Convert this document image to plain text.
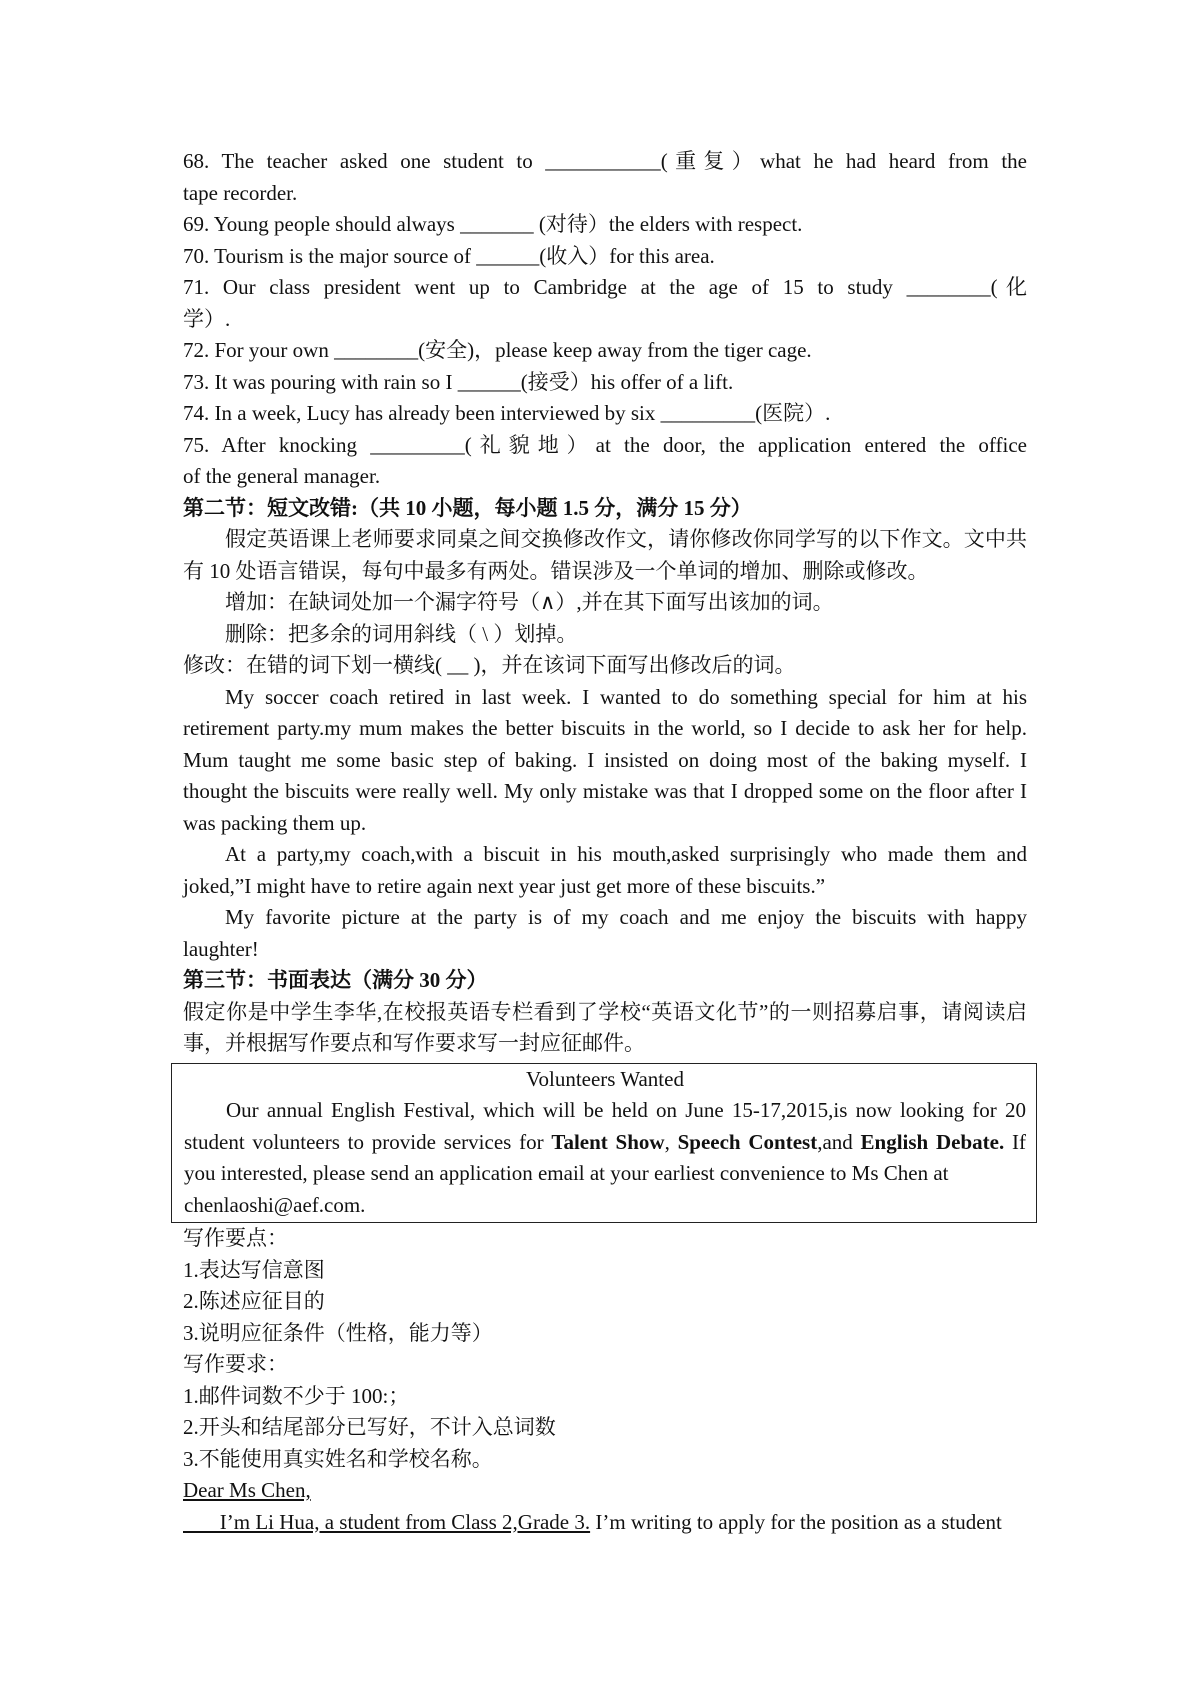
68. The teacher asked one student to ___________(重复）what he had heard from the
tape recorder.
69. Young people should always _______ (对待）the elders with respect.
70. Tourism is the major source of ______(收入）for this area.
71. Our class president went up to Cambridge at the age of 15 to study ________(化
学）.
72. For your own ________(安全)，please keep away from the tiger cage.
73. It was pouring with rain so I ______(接受）his offer of a lift.
74. In a week, Lucy has already been interviewed by six _________(医院）.
75. After knocking _________(礼貌地）at the door, the application entered the office
of the general manager.
第二节：短文改错:（共 10 小题，每小题 1.5 分，满分 15 分）
假定英语课上老师要求同桌之间交换修改作文，请你修改你同学写的以下作文。文中共
有 10 处语言错误，每句中最多有两处。错误涉及一个单词的增加、删除或修改。
增加：在缺词处加一个漏字符号（∧）,并在其下面写出该加的词。
删除：把多余的词用斜线（ \ ）划掉。
修改：在错的词下划一横线( __ )，并在该词下面写出修改后的词。
My soccer coach retired in last week. I wanted to do something special for him at his
retirement party.my mum makes the better biscuits in the world, so I decide to ask her for help.
Mum taught me some basic step of baking. I insisted on doing most of the baking myself. I
thought the biscuits were really well. My only mistake was that I dropped some on the floor after I
was packing them up.
At a party,my coach,with a biscuit in his mouth,asked surprisingly who made them and
joked,”I might have to retire again next year just get more of these biscuits.”
My favorite picture at the party is of my coach and me enjoy the biscuits with happy
laughter!
第三节：书面表达（满分 30 分）
假定你是中学生李华,在校报英语专栏看到了学校“英语文化节”的一则招募启事，请阅读启
事，并根据写作要点和写作要求写一封应征邮件。
Volunteers Wanted
Our annual English Festival, which will be held on June 15-17,2015,is now looking for 20
student volunteers to provide services for Talent Show, Speech Contest,and English Debate. If
you interested, please send an application email at your earliest convenience to Ms Chen at
chenlaoshi@aef.com.
写作要点：
1.表达写信意图
2.陈述应征目的
3.说明应征条件（性格，能力等）
写作要求：
1.邮件词数不少于 100:；
2.开头和结尾部分已写好，不计入总词数
3.不能使用真实姓名和学校名称。
Dear Ms Chen,
I’m Li Hua, a student from Class 2,Grade 3. I’m writing to apply for the position as a student
